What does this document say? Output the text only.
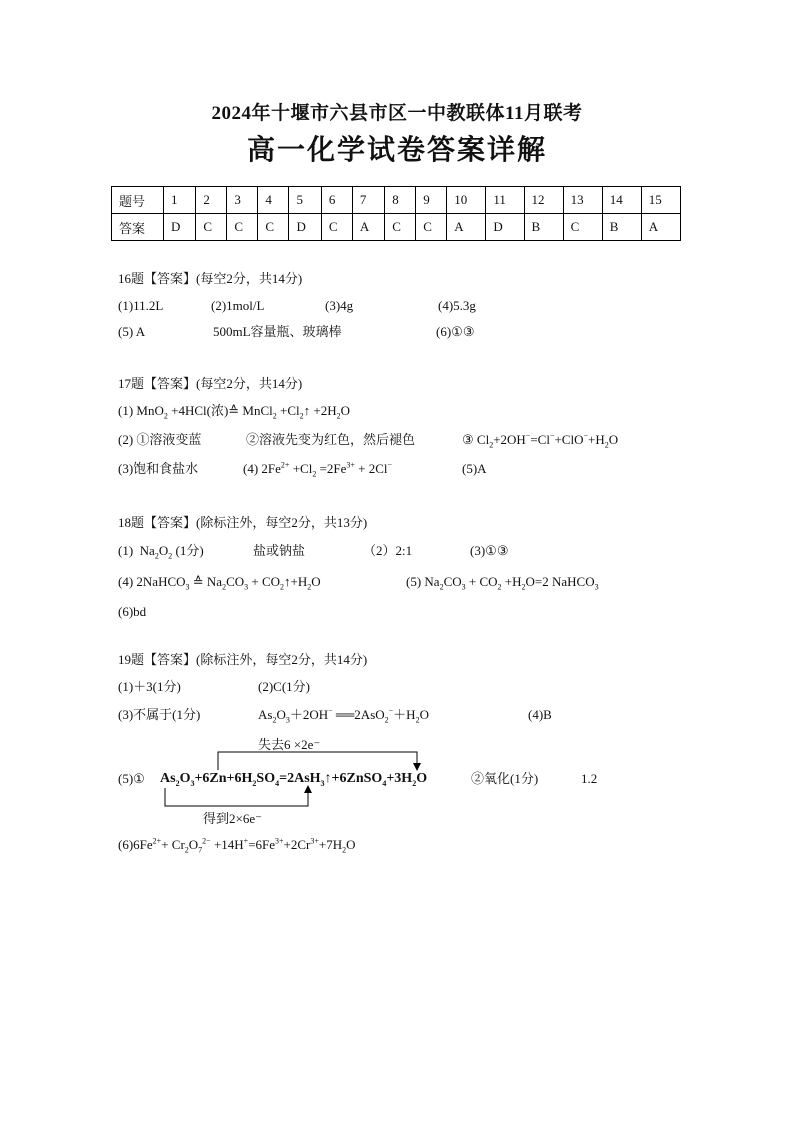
2024年十堰市六县市区一中教联体11月联考
高一化学试卷答案详解
题号	1	2	3	4	5	6	7	8	9	10	11	12	13	14	15
答案	D	C	C	C	D	C	A	C	C	A	D	B	C	B	A
16题【答案】(每空2分，共14分)
(1)11.2L	(2)1mol/L	(3)4g	(4)5.3g
(5) A	500mL容量瓶、玻璃棒	(6)①③
17题【答案】(每空2分，共14分)
(1) MnO$_2$ +4HCl(浓)≙ MnCl$_2$ $+Cl_2↑ +2H_2O$
(2) ①溶液变蓝	②溶液先变为红色，然后褪色	③ $Cl_2+2OH^-=Cl^-+ClO^-+H_2O$
(3)饱和食盐水	(4) $2Fe^{2+} +Cl_2 =2Fe^{3+} + 2Cl^-$	(5)A
18题【答案】(除标注外，每空2分，共13分)
(1)  $Na_2O_2$ (1分)	盐或钠盐	（2）2:1	(3)①③
(4) 2NaHCO$_3$ ≙ $Na_2CO_3$ + $CO_2↑+H_2O$	(5) $Na_2CO_3 + CO_2 +H_2O=2$ NaHCO$_3$
(6)bd
19题【答案】(除标注外，每空2分，共14分)
(1)＋3(1分)	(2)C(1分)
(3)不属于(1分)	$As_2O_3+2OH^-$ $══2AsO_2^-+H_2O$	(4)B
失去6 ×2e⁻
(5)① $As_2O_3+6Zn+6H_2SO_4=2AsH_3↑+6ZnSO_4+3H_2O$	②氧化(1分)	1.2
得到2×6e⁻
$(6)6Fe^{2+}+ Cr_2O_7^{2-} +14H^+=6Fe^{3+}+2Cr^{3+}+7H_2O$
